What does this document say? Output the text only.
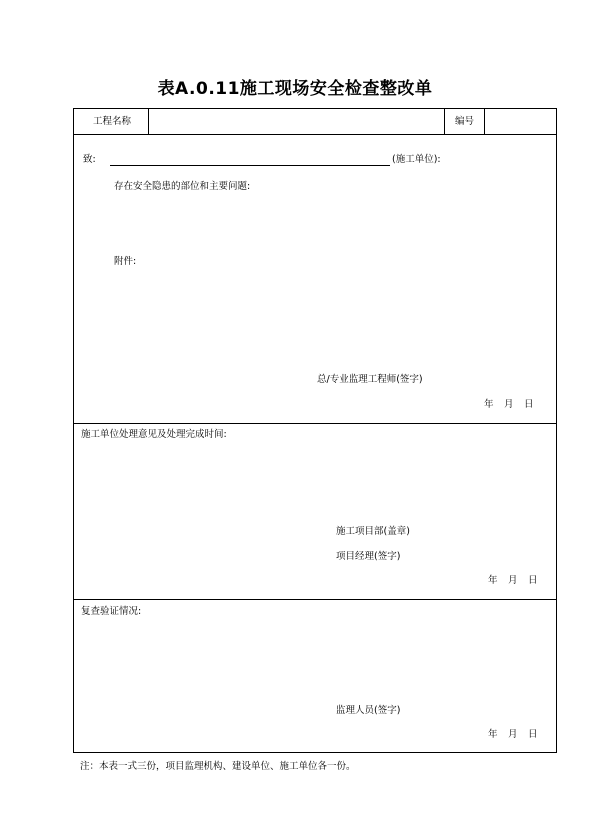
表A.0.11施工现场安全检查整改单
工程名称	编号
致:	(施工单位):
存在安全隐患的部位和主要问题:
附件:
总/专业监理工程师(签字)
年 月 日
施工单位处理意见及处理完成时间:
施工项目部(盖章)
项目经理(签字)
年 月 日
复查验证情况:
监理人员(签字)
年 月 日
注：本表一式三份，项目监理机构、建设单位、施工单位各一份。
